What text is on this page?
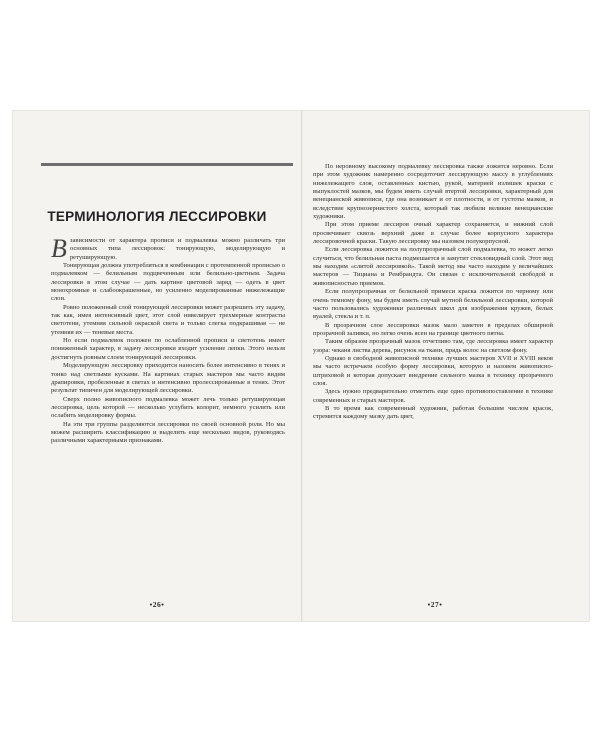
ТЕРМИНОЛОГИЯ ЛЕССИРОВКИ

Взависимости от характера прописи и подмалевка можно различать три основных типа лессировок: тонирующую, моделирующую и ретуширующую.

Тонирующая должна употребляться в комбинации с протемпенной прописью о подмалевком — белильным подцвеченным или белильно-цветным. Задача лессировки в этом случае — дать картине цветовой заряд — одеть в цвет монохромные и слабоокрашенные, но усиленно моделированные нижележащие слои.

Ровно положенный слой тонирующей лессировки может разрешить эту задачу, так как, имея интенсивный цвет, этот слой нивелирует трехмерные контрасты светотени, утемняя сильной окраской света и только слегка подкрашивая — не утемняя их — теневые места.

Но если подмалевок положен по ослабленной прописи и светотень имеет пониженный характер, в задачу лессировки входит усиление лепки. Этого нельзя достигнуть ровным слоем тонирующей лессировки.

Моделирующую лессировку приходится наносить более интенсивно в тенях и тонко над светлыми кусками. На картинах старых мастеров мы часто видим драпировки, пробеленные в светах и интенсивно пролессированные в тенях. Этот результат типичен для моделирующей лессировки.

Сверх полно живописного подмалевка может лечь только ретуширующая лессировка, цель которой — несколько углубить колорит, немного усилить или ослабить моделировку формы.

На эти три группы разделяются лессировки по своей основной роли. Но мы можем расширить классификацию и выделить еще несколько видов, руководясь различными характерными признаками.

•26•

По неровному высокому подмалевку лессировка также ложится неровно. Если при этом художник намеренно сосредоточит лессирующую массу в углублениях нижележащего слоя, оставленных кистью, рукой, материей излишек краски с выпуклостей мазков, мы будем иметь случай втертой лессировки, характерный для венецианской живописи, где она возникает и от плотности, и от густоты мазков, и вследствие крупнозернистого холста, который так любили великие венецианские художники.

При этом приеме лессиров очный характер сохраняется, и нижний слой просвечивает сквозь верхний даже в случае более корпусного характера лессировочной краски. Такую лессировку мы назовем полукорпусной.

Если лессировка ложится на полупрозрачный слой подмалевка, то может легко случиться, что белильная паста подмешается и замутит стекловидный слой. Этот вид мы находим «слитой лессировкой». Такой метод мы часто находим у величайших мастеров — Тициана и Рембрандта. Он связан с исключительной свободой и живописностью приемов.

Если полупрозрачная от белильной примеси краска ложится по черному или очень темному фону, мы будем иметь случай мутной белильной лессировки, которой часто пользовались художники различных школ для изображения кружев, белых вуалей, стекла и т. п.

В прозрачном слое лессировки мазок мало заметен в пределах обширной прозрачной заливки, но легко очень ясен на границе цветного пятна.

Таким образом прозрачный мазок отчетливо там, где лессировка имеет характер узора: чеканя листва дерева, рисунок на ткани, прядь волос на светлом фону.

Однако в свободной живописной технике лучших мастеров XVII и XVIII веков мы часто встречаем особую форму лессировки, которую и назовем живописно-штриховой и которая допускает внедрение сильного мазка в технику прозрачного слоя.

Здесь нужно предварительно отметить еще одно противопоставление в технике современных и старых мастеров.

В то время как современный художник, работая большим числом красок, стремится каждому мазку дать цвет,

•27•
